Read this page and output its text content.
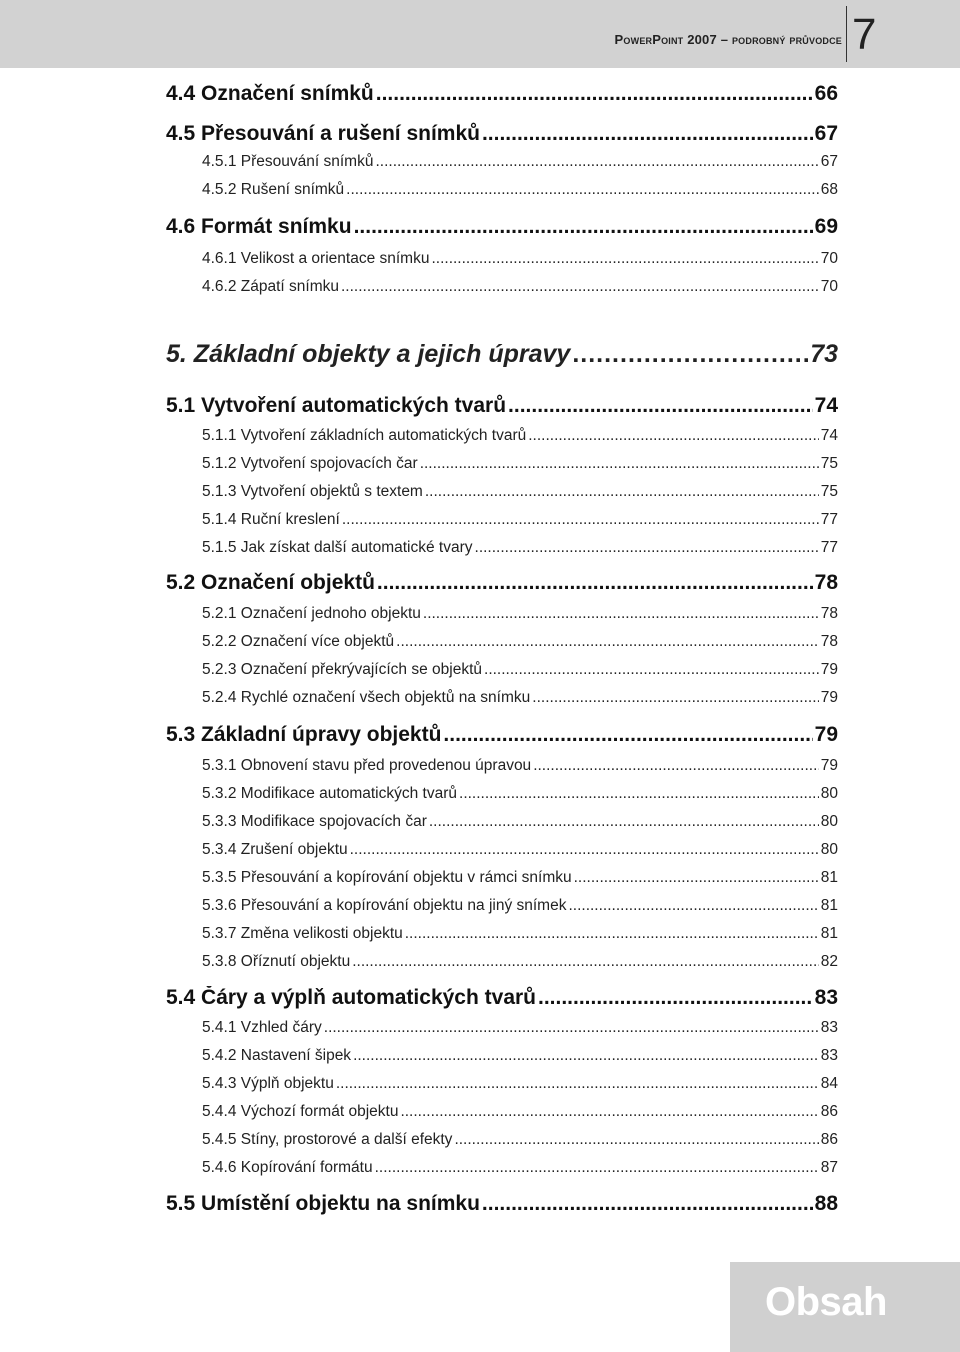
PowerPoint 2007 – podrobný průvodce 7
4.4 Označení snímků .....	66
4.5 Přesouvání a rušení snímků .....	67
4.5.1 Přesouvání snímků .....	67
4.5.2 Rušení snímků .....	68
4.6 Formát snímku .....	69
4.6.1 Velikost a orientace snímku .....	70
4.6.2 Zápatí snímku .....	70
5. Základní objekty a jejich úpravy .....	73
5.1 Vytvoření automatických tvarů .....	74
5.1.1 Vytvoření základních automatických tvarů .....	74
5.1.2 Vytvoření spojovacích čar .....	75
5.1.3 Vytvoření objektů s textem .....	75
5.1.4 Ruční kreslení .....	77
5.1.5 Jak získat další automatické tvary .....	77
5.2 Označení objektů .....	78
5.2.1 Označení jednoho objektu .....	78
5.2.2 Označení více objektů .....	78
5.2.3 Označení překrývajících se objektů .....	79
5.2.4 Rychlé označení všech objektů na snímku .....	79
5.3 Základní úpravy objektů .....	79
5.3.1 Obnovení stavu před provedenou úpravou .....	79
5.3.2 Modifikace automatických tvarů .....	80
5.3.3 Modifikace spojovacích čar .....	80
5.3.4 Zrušení objektu .....	80
5.3.5 Přesouvání a kopírování objektu v rámci snímku .....	81
5.3.6 Přesouvání a kopírování objektu na jiný snímek .....	81
5.3.7 Změna velikosti objektu .....	81
5.3.8 Oříznutí objektu .....	82
5.4 Čáry a výplň automatických tvarů .....	83
5.4.1 Vzhled čáry .....	83
5.4.2 Nastavení šipek .....	83
5.4.3 Výplň objektu .....	84
5.4.4 Výchozí formát objektu .....	86
5.4.5 Stíny, prostorové a další efekty .....	86
5.4.6 Kopírování formátu .....	87
5.5 Umístění objektu na snímku .....	88
Obsah
